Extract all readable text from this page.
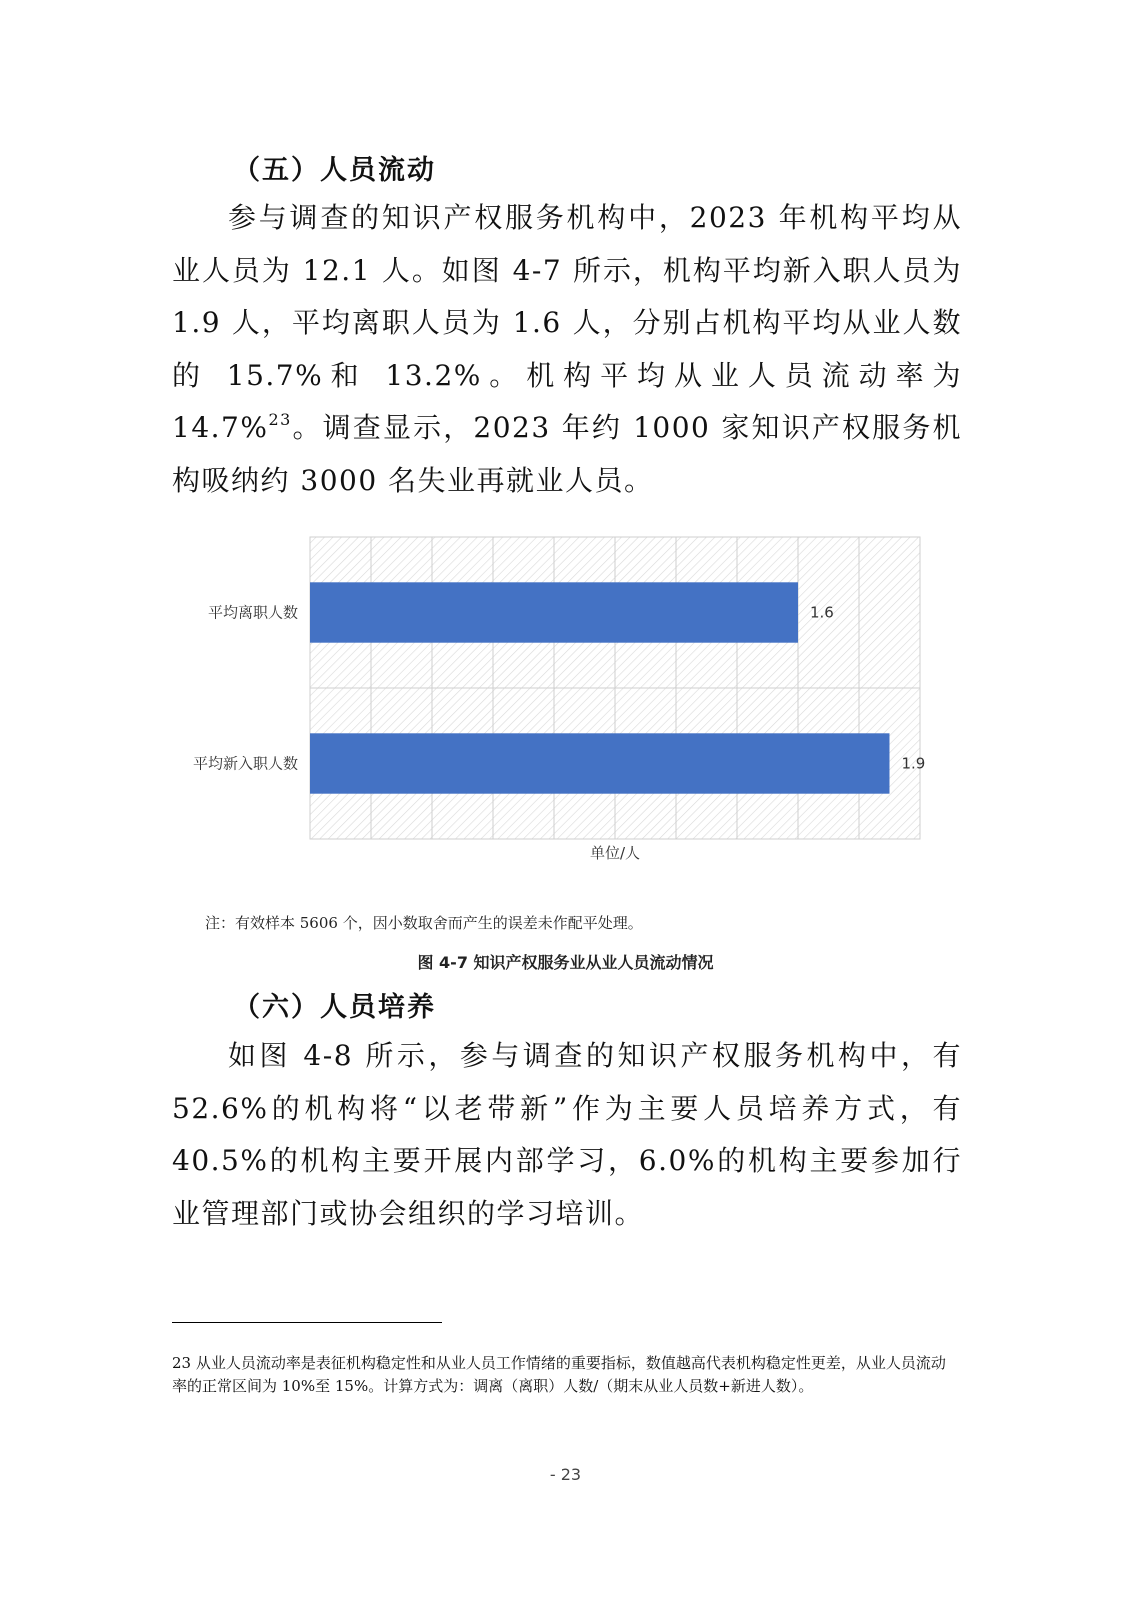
（五）人员流动
参与调查的知识产权服务机构中，2023 年机构平均从业人员为 12.1 人。如图 4-7 所示，机构平均新入职人员为 1.9 人，平均离职人员为 1.6 人，分别占机构平均从业人数的 15.7%和 13.2%。机构平均从业人员流动率为 14.7%$^{23}$。调查显示，2023 年约 1000 家知识产权服务机构吸纳约 3000 名失业再就业人员。
平均离职人数
平均新入职人数
1.6
1.9
单位/人
注：有效样本 5606 个，因小数取舍而产生的误差未作配平处理。
图 4-7 知识产权服务业从业人员流动情况
（六）人员培养
如图 4-8 所示，参与调查的知识产权服务机构中，有 52.6%的机构将“以老带新”作为主要人员培养方式，有 40.5%的机构主要开展内部学习，6.0%的机构主要参加行业管理部门或协会组织的学习培训。
23 从业人员流动率是表征机构稳定性和从业人员工作情绪的重要指标，数值越高代表机构稳定性更差，从业人员流动率的正常区间为 10%至 15%。计算方式为：调离（离职）人数/（期末从业人员数+新进人数）。
- 23
